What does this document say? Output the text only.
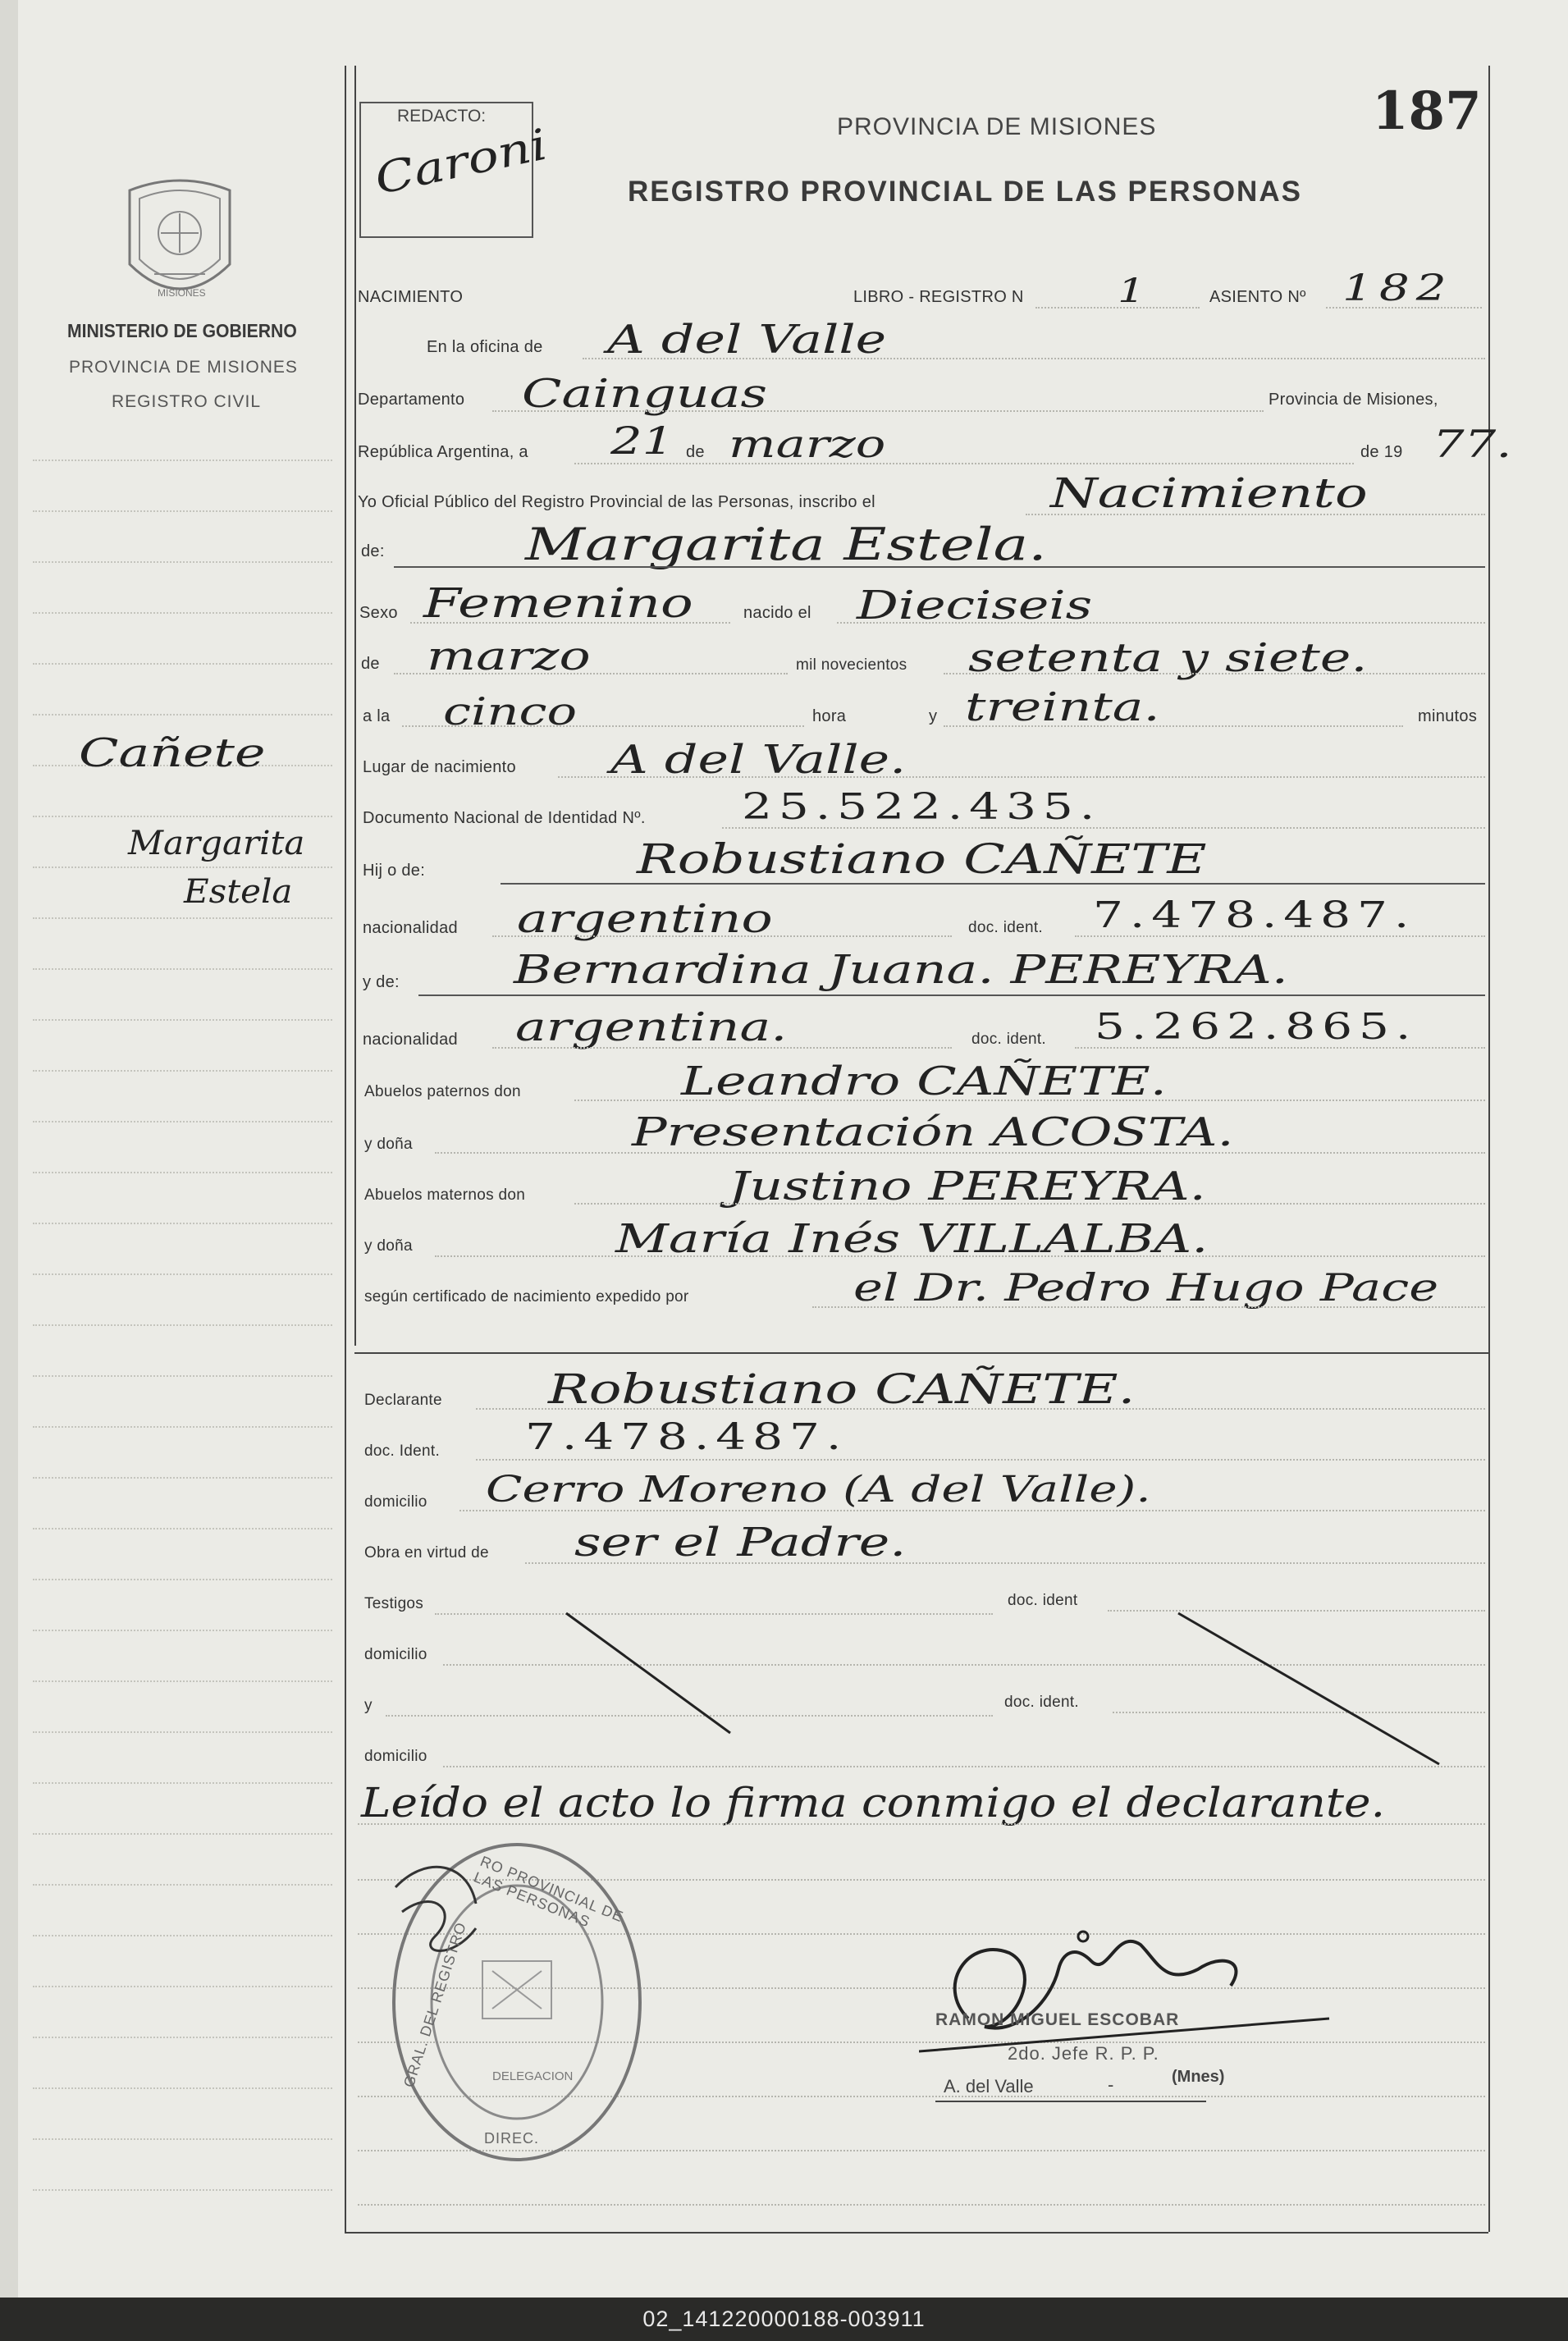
REDACTO:
Caroni	PROVINCIA DE MISIONES
REGISTRO PROVINCIAL DE LAS PERSONAS
187
MISIONES
MINISTERIO DE GOBIERNO
PROVINCIA DE MISIONES
REGISTRO CIVIL
Cañete
Margarita
Estela
NACIMIENTO	LIBRO - REGISTRO N	1	ASIENTO Nº 182
En la oficina de A del Valle
Departamento Cainguas	Provincia de Misiones,
República Argentina, a 21 de marzo	de 19 77.
Yo Oficial Público del Registro Provincial de las Personas, inscribo el	Nacimiento
de:	Margarita Estela.
Sexo Femenino	nacido el Dieciseis
de marzo	mil novecientos setenta y siete.
a la cinco	hora	y treinta.	minutos
Lugar de nacimiento A del Valle.
Documento Nacional de Identidad Nº.	25.522.435.
Hij o de:	Robustiano CAÑETE
nacionalidad argentino	doc. ident. 7.478.487.
y de:	Bernardina Juana. PEREYRA.
nacionalidad argentina.	doc. ident. 5.262.865.
Abuelos paternos don	Leandro CAÑETE.
y doña	Presentación ACOSTA.
Abuelos maternos don	Justino PEREYRA.
y doña	María Inés VILLALBA.
según certificado de nacimiento expedido por	el Dr. Pedro Hugo Pace
Declarante	Robustiano CAÑETE.
doc. Ident. 7.478.487.
domicilio Cerro Moreno (A del Valle).
Obra en virtud de ser el Padre.
Testigos	doc. ident
domicilio
y	doc. ident.
domicilio
Leído el acto lo firma conmigo el declarante.
RO PROVINCIAL DE LAS PERSONAS
GRAL. DEL REGISTRO
DIREC.
DELEGACION
RAMON MIGUEL ESCOBAR
2do. Jefe R. P. P.
A. del Valle	-	(Mnes)
02_141220000188-003911
